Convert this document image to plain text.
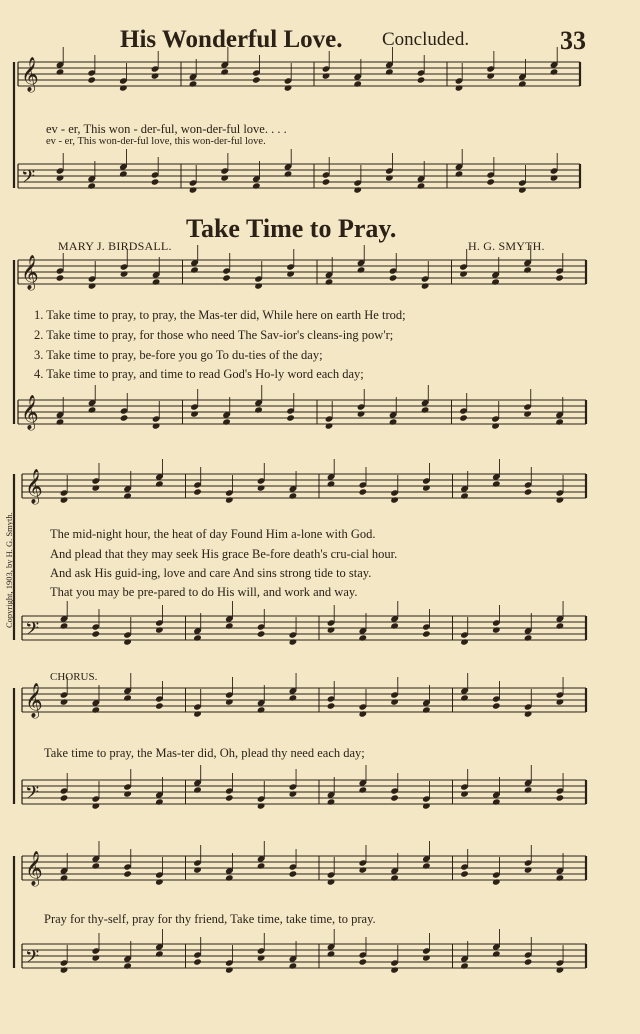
His Wonderful Love. Concluded.	33
𝄞
𝄢
𝄞
𝄞
𝄞
𝄢
𝄞
𝄢
𝄞
𝄢
ev - er, This won - der-ful, won-der-ful love. . . .
ev - er, This won-der-ful love, this won-der-ful love.
Take Time to Pray.
MARY J. BIRDSALL.	H. G. SMYTH.
1. Take time to pray, to pray, the Mas-ter did, While here on earth He trod;
2. Take time to pray, for those who need The Sav-ior's cleans-ing pow'r;
3. Take time to pray, be-fore you go To du-ties of the day;
4. Take time to pray, and time to read God's Ho-ly word each day;
The mid-night hour, the heat of day Found Him a-lone with God.
And plead that they may seek His grace Be-fore death's cru-cial hour.
And ask His guid-ing, love and care And sins strong tide to stay.
That you may be pre-pared to do His will, and work and way.
CHORUS.
Take time to pray, the Mas-ter did, Oh, plead thy need each day;
Pray for thy-self, pray for thy friend, Take time, take time, to pray.
Copyright, 1903, by H. G. Smyth.
